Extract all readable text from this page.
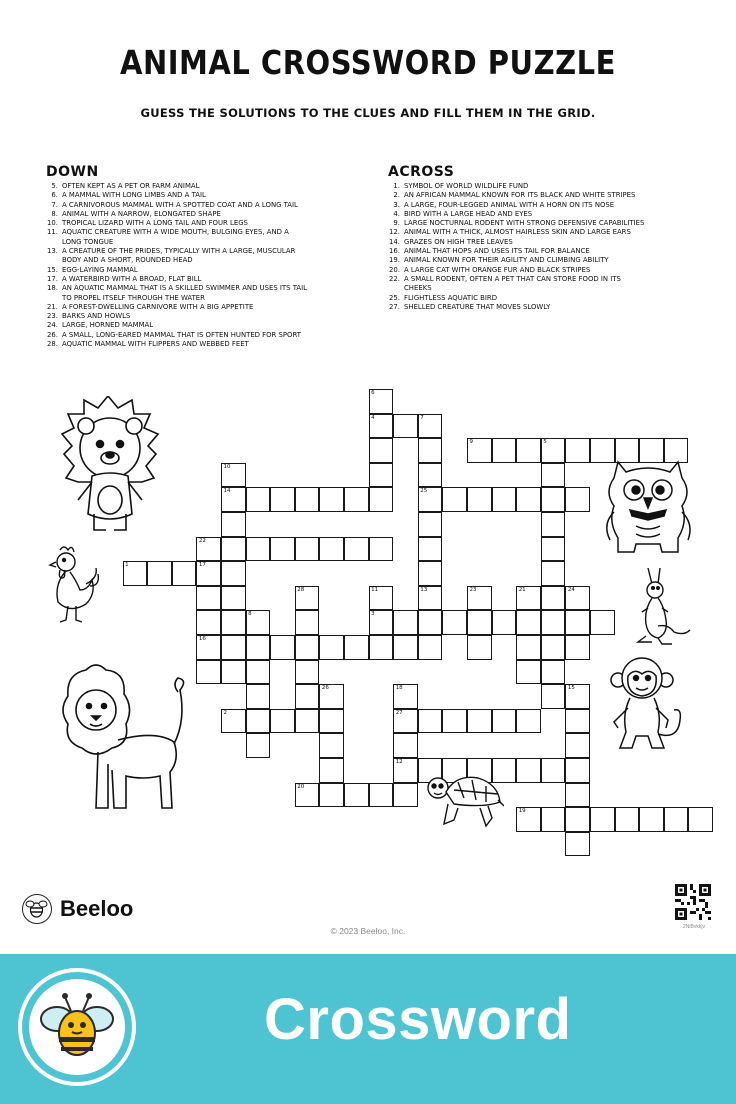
ANIMAL CROSSWORD PUZZLE
GUESS THE SOLUTIONS TO THE CLUES AND FILL THEM IN THE GRID.
DOWN
5. OFTEN KEPT AS A PET OR FARM ANIMAL
6. A MAMMAL WITH LONG LIMBS AND A TAIL
7. A CARNIVOROUS MAMMAL WITH A SPOTTED COAT AND A LONG TAIL
8. ANIMAL WITH A NARROW, ELONGATED SHAPE
10. TROPICAL LIZARD WITH A LONG TAIL AND FOUR LEGS
11. AQUATIC CREATURE WITH A WIDE MOUTH, BULGING EYES, AND A LONG TONGUE
13. A CREATURE OF THE PRIDES, TYPICALLY WITH A LARGE, MUSCULAR BODY AND A SHORT, ROUNDED HEAD
15. EGG-LAYING MAMMAL
17. A WATERBIRD WITH A BROAD, FLAT BILL
18. AN AQUATIC MAMMAL THAT IS A SKILLED SWIMMER AND USES ITS TAIL TO PROPEL ITSELF THROUGH THE WATER
21. A FOREST-DWELLING CARNIVORE WITH A BIG APPETITE
23. BARKS AND HOWLS
24. LARGE, HORNED MAMMAL
26. A SMALL, LONG-EARED MAMMAL THAT IS OFTEN HUNTED FOR SPORT
28. AQUATIC MAMMAL WITH FLIPPERS AND WEBBED FEET
ACROSS
1. SYMBOL OF WORLD WILDLIFE FUND
2. AN AFRICAN MAMMAL KNOWN FOR ITS BLACK AND WHITE STRIPES
3. A LARGE, FOUR-LEGGED ANIMAL WITH A HORN ON ITS NOSE
4. BIRD WITH A LARGE HEAD AND EYES
9. LARGE NOCTURNAL RODENT WITH STRONG DEFENSIVE CAPABILITIES
12. ANIMAL WITH A THICK, ALMOST HAIRLESS SKIN AND LARGE EARS
14. GRAZES ON HIGH TREE LEAVES
16. ANIMAL THAT HOPS AND USES ITS TAIL FOR BALANCE
19. ANIMAL KNOWN FOR THEIR AGILITY AND CLIMBING ABILITY
20. A LARGE CAT WITH ORANGE FUR AND BLACK STRIPES
22. A SMALL RODENT, OFTEN A PET THAT CAN STORE FOOD IN ITS CHEEKS
25. FLIGHTLESS AQUATIC BIRD
27. SHELLED CREATURE THAT MOVES SLOWLY
6
4	7
25
9	5
10
14
22
1	17
16
28	11
3
13	23	21	24
8
26	18
27
12
15
2
20
19
Beeloo
© 2023 Beeloo, Inc.	2NiBvkkjv
Crossword
